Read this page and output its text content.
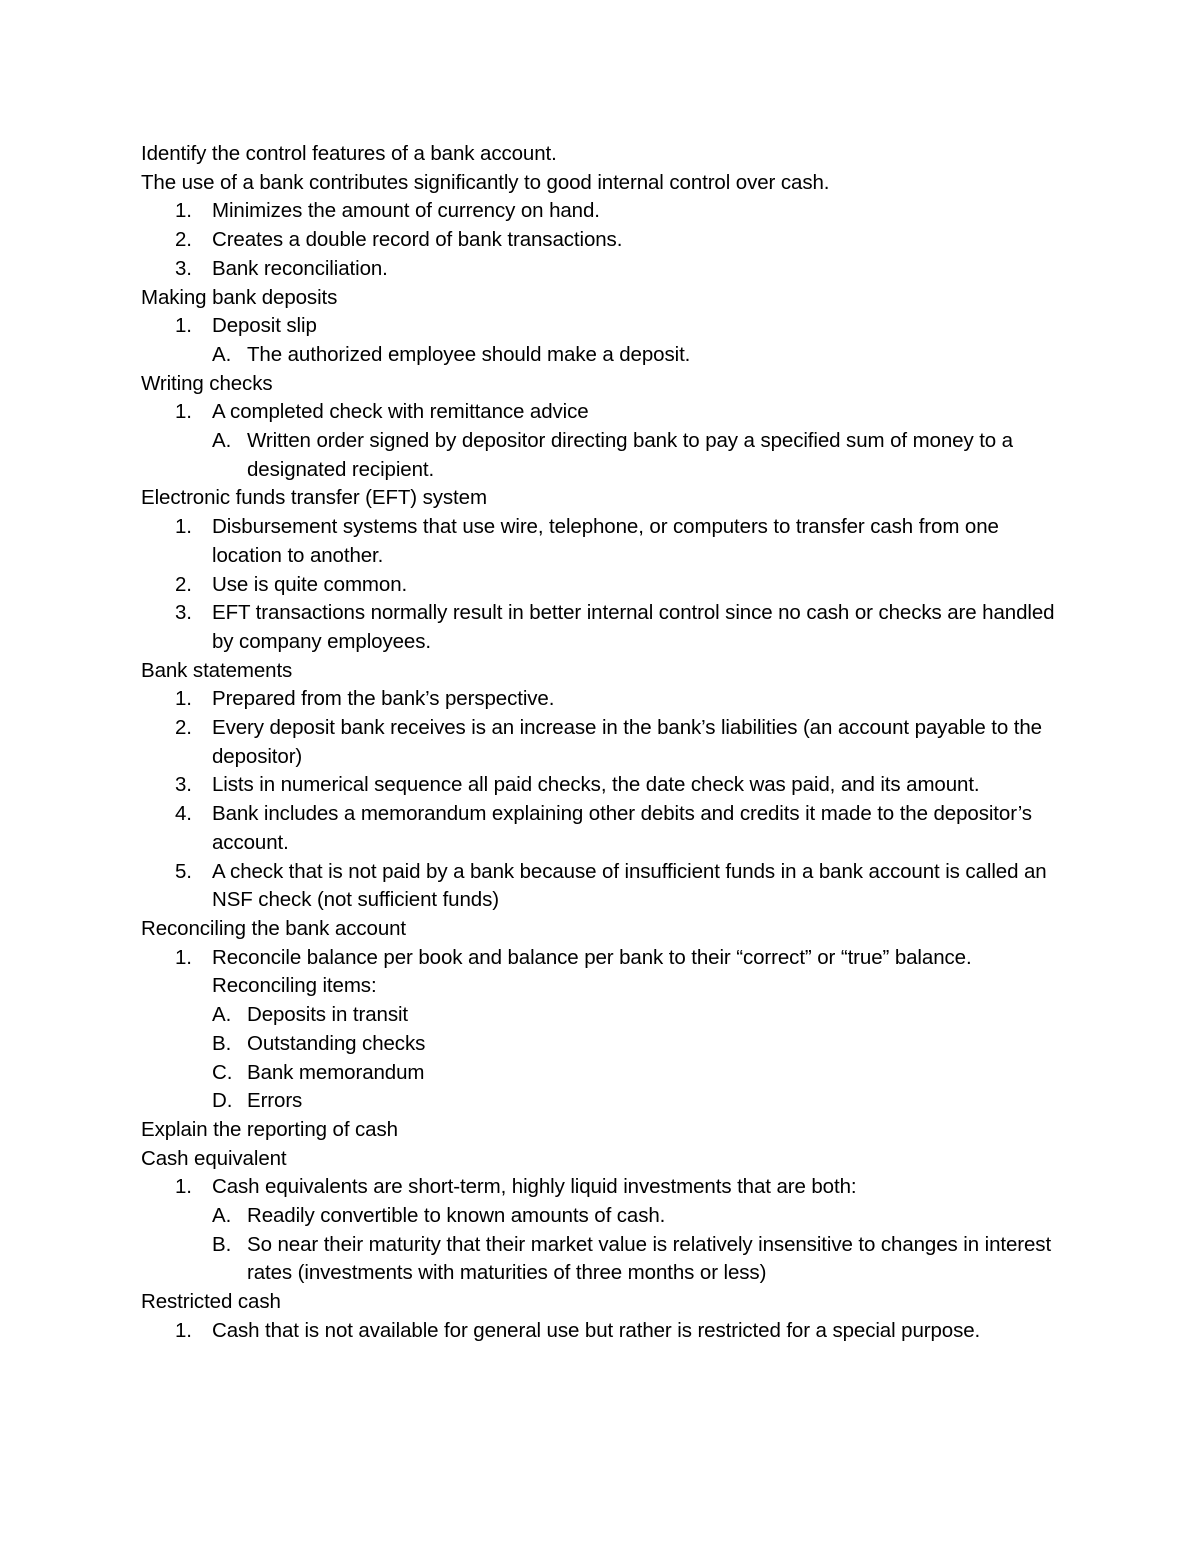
Identify the control features of a bank account.
The use of a bank contributes significantly to good internal control over cash.
1. Minimizes the amount of currency on hand.
2. Creates a double record of bank transactions.
3. Bank reconciliation.
Making bank deposits
1. Deposit slip
A. The authorized employee should make a deposit.
Writing checks
1. A completed check with remittance advice
A. Written order signed by depositor directing bank to pay a specified sum of money to a designated recipient.
Electronic funds transfer (EFT) system
1. Disbursement systems that use wire, telephone, or computers to transfer cash from one location to another.
2. Use is quite common.
3. EFT transactions normally result in better internal control since no cash or checks are handled by company employees.
Bank statements
1. Prepared from the bank’s perspective.
2. Every deposit bank receives is an increase in the bank’s liabilities (an account payable to the depositor)
3. Lists in numerical sequence all paid checks, the date check was paid, and its amount.
4. Bank includes a memorandum explaining other debits and credits it made to the depositor’s account.
5. A check that is not paid by a bank because of insufficient funds in a bank account is called an NSF check (not sufficient funds)
Reconciling the bank account
1. Reconcile balance per book and balance per bank to their “correct” or “true” balance. Reconciling items:
A. Deposits in transit
B. Outstanding checks
C. Bank memorandum
D. Errors
Explain the reporting of cash
Cash equivalent
1. Cash equivalents are short-term, highly liquid investments that are both:
A. Readily convertible to known amounts of cash.
B. So near their maturity that their market value is relatively insensitive to changes in interest rates (investments with maturities of three months or less)
Restricted cash
1. Cash that is not available for general use but rather is restricted for a special purpose.
